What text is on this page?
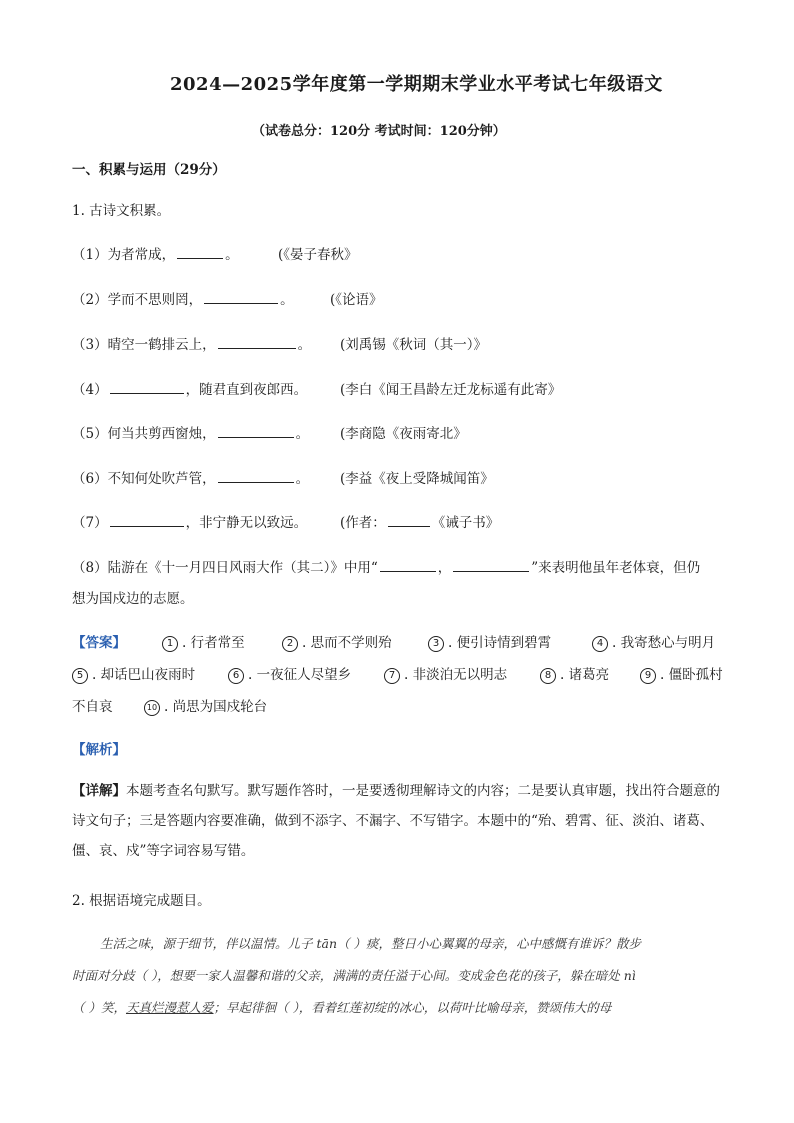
2024—2025学年度第一学期期末学业水平考试七年级语文
（试卷总分：120分 考试时间：120分钟）
一、积累与运用（29分）
1. 古诗文积累。
（1）为者常成，	。	(《晏子春秋》
（2）学而不思则罔，	。	(《论语》
（3）晴空一鹤排云上，	。 (刘禹锡《秋词（其一）》
（4）	，随君直到夜郎西。 (李白《闻王昌龄左迁龙标遥有此寄》
（5）何当共剪西窗烛，	。 (李商隐《夜雨寄北》
（6）不知何处吹芦管，	。 (李益《夜上受降城闻笛》
（7）	，非宁静无以致远。 (作者：	《诫子书》
（8）陆游在《十一月四日风雨大作（其二）》中用“	，	”来表明他虽年老体衰，但仍
想为国戍边的志愿。
【答案】	1 . 行者常至	2 . 思而不学则殆	3 . 便引诗情到碧霄	4 . 我寄愁心与明月
5 . 却话巴山夜雨时	6 . 一夜征人尽望乡	7 . 非淡泊无以明志	8 . 诸葛亮	9 . 僵卧孤村
不自哀	10 . 尚思为国戍轮台
【解析】
【详解】本题考查名句默写。默写题作答时，一是要透彻理解诗文的内容；二是要认真审题，找出符合题意的诗文句子；三是答题内容要准确，做到不添字、不漏字、不写错字。本题中的“殆、碧霄、征、淡泊、诸葛、僵、哀、戍”等字词容易写错。
2. 根据语境完成题目。
生活之味，源于细节，伴以温情。儿子 tān（ ）痰，整日小心翼翼的母亲，心中感慨有谁诉？散步
时面对分歧（ ），想要一家人温馨和谐的父亲，满满的责任溢于心间。变成金色花的孩子，躲在暗处 nì
（ ）笑，天真烂漫惹人爱；早起徘徊（ ），看着红莲初绽的冰心，以荷叶比喻母亲，赞颂伟大的母
